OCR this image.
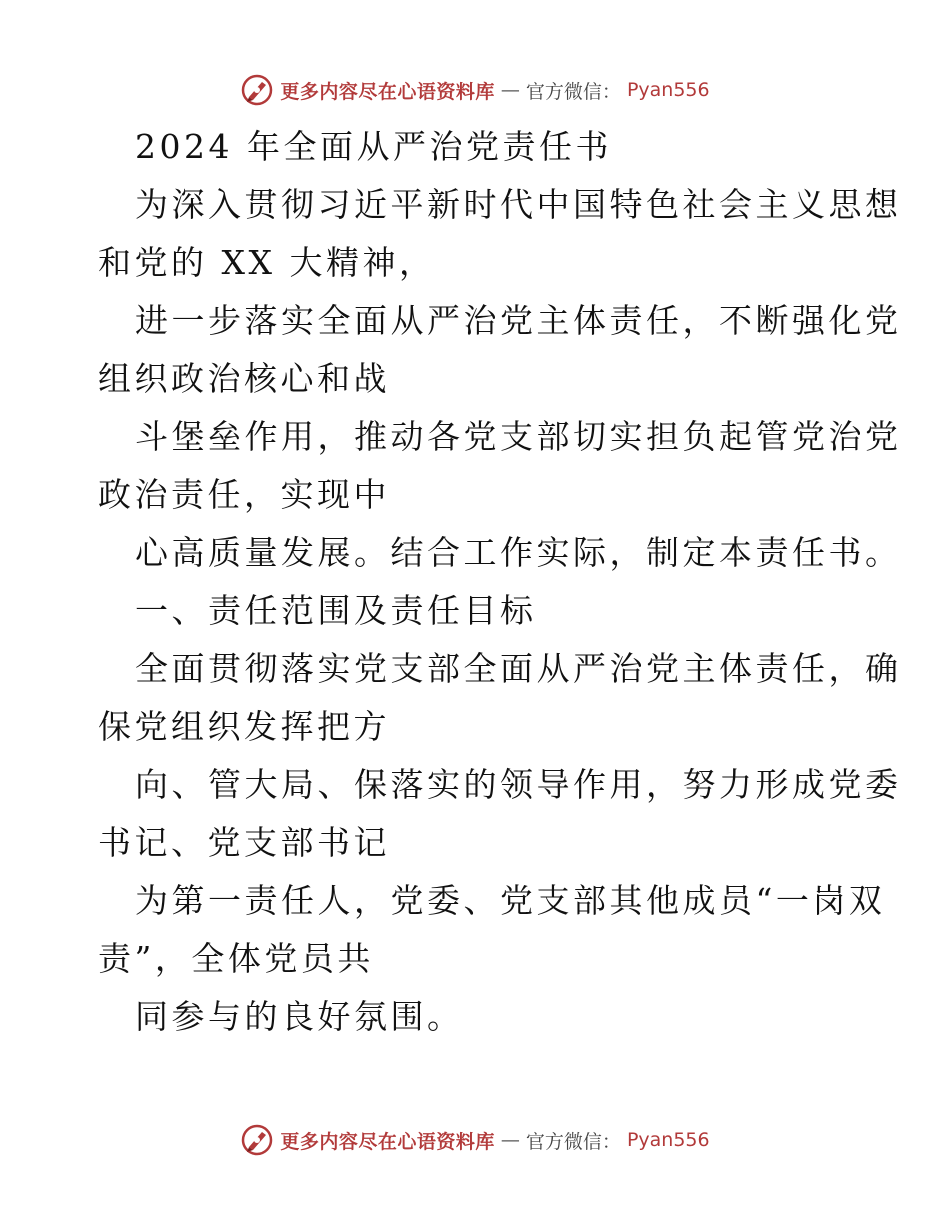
更多内容尽在心语资料库 — 官方微信： Pyan556
2024 年全面从严治党责任书
为深入贯彻习近平新时代中国特色社会主义思想
和党的 XX 大精神，
进一步落实全面从严治党主体责任，不断强化党
组织政治核心和战
斗堡垒作用，推动各党支部切实担负起管党治党
政治责任，实现中
心高质量发展。结合工作实际，制定本责任书。
一、责任范围及责任目标
全面贯彻落实党支部全面从严治党主体责任，确
保党组织发挥把方
向、管大局、保落实的领导作用，努力形成党委
书记、党支部书记
为第一责任人，党委、党支部其他成员“一岗双
责”，全体党员共
同参与的良好氛围。
更多内容尽在心语资料库 — 官方微信： Pyan556
